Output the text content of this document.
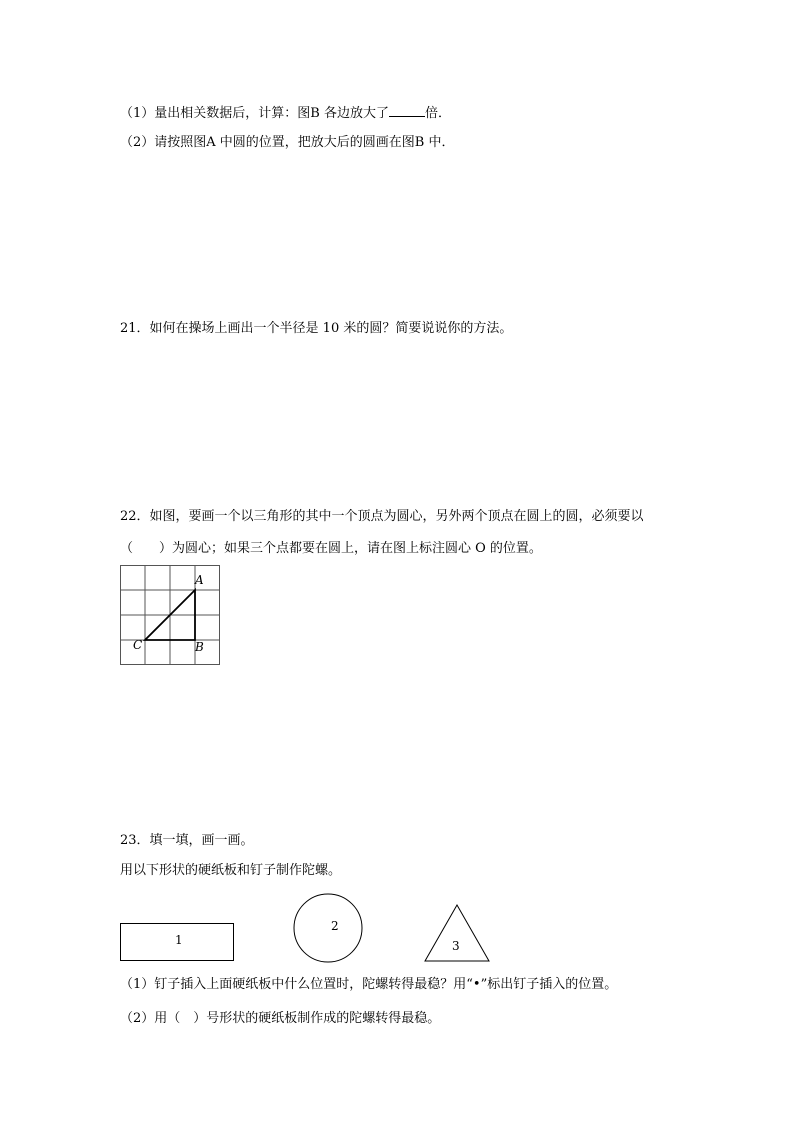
（1）量出相关数据后，计算：图B 各边放大了	倍．
（2）请按照图A 中圆的位置，把放大后的圆画在图B 中．
21．如何在操场上画出一个半径是 10 米的圆？简要说说你的方法。
22．如图，要画一个以三角形的其中一个顶点为圆心，另外两个顶点在圆上的圆，必须要以
（　　）为圆心；如果三个点都要在圆上，请在图上标注圆心 O 的位置。
A
B
C
23．填一填，画一画。
用以下形状的硬纸板和钉子制作陀螺。
1
2
3
（1）钉子插入上面硬纸板中什么位置时，陀螺转得最稳？用“•”标出钉子插入的位置。
（2）用（　）号形状的硬纸板制作成的陀螺转得最稳。
